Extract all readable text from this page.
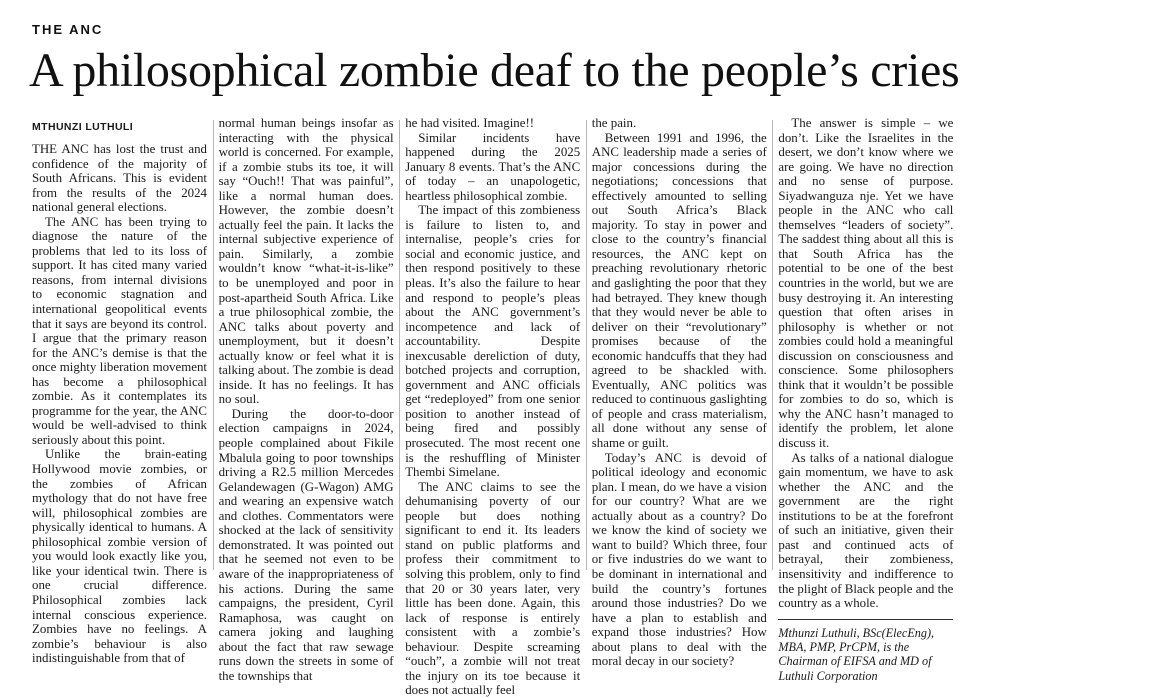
THE ANC
A philosophical zombie deaf to the people’s cries
MTHUNZI LUTHULI

THE ANC has lost the trust and confidence of the majority of South Africans. This is evident from the results of the 2024 national general elections.

The ANC has been trying to diagnose the nature of the problems that led to its loss of support. It has cited many varied reasons, from internal divisions to economic stagnation and international geopolitical events that it says are beyond its control. I argue that the primary reason for the ANC’s demise is that the once mighty liberation movement has become a philosophical zombie. As it contemplates its programme for the year, the ANC would be well-advised to think seriously about this point.

Unlike the brain-eating Hollywood movie zombies, or the zombies of African mythology that do not have free will, philosophical zombies are physically identical to humans. A philosophical zombie version of you would look exactly like you, like your identical twin. There is one crucial difference. Philosophical zombies lack internal conscious experience. Zombies have no feelings. A zombie’s behaviour is also indistinguishable from that of

normal human beings insofar as interacting with the physical world is concerned. For example, if a zombie stubs its toe, it will say “Ouch!! That was painful”, like a normal human does. However, the zombie doesn’t actually feel the pain. It lacks the internal subjective experience of pain. Similarly, a zombie wouldn’t know “what-it-is-like” to be unemployed and poor in post-apartheid South Africa. Like a true philosophical zombie, the ANC talks about poverty and unemployment, but it doesn’t actually know or feel what it is talking about. The zombie is dead inside. It has no feelings. It has no soul.

During the door-to-door election campaigns in 2024, people complained about Fikile Mbalula going to poor townships driving a R2.5 million Mercedes Gelandewagen (G-Wagon) AMG and wearing an expensive watch and clothes. Commentators were shocked at the lack of sensitivity demonstrated. It was pointed out that he seemed not even to be aware of the inappropriateness of his actions. During the same campaigns, the president, Cyril Ramaphosa, was caught on camera joking and laughing about the fact that raw sewage runs down the streets in some of the townships that

he had visited. Imagine!!

Similar incidents have happened during the 2025 January 8 events. That’s the ANC of today – an unapologetic, heartless philosophical zombie.

The impact of this zombieness is failure to listen to, and internalise, people’s cries for social and economic justice, and then respond positively to these pleas. It’s also the failure to hear and respond to people’s pleas about the ANC government’s incompetence and lack of accountability. Despite inexcusable dereliction of duty, botched projects and corruption, government and ANC officials get “redeployed” from one senior position to another instead of being fired and possibly prosecuted. The most recent one is the reshuffling of Minister Thembi Simelane.

The ANC claims to see the dehumanising poverty of our people but does nothing significant to end it. Its leaders stand on public platforms and profess their commitment to solving this problem, only to find that 20 or 30 years later, very little has been done. Again, this lack of response is entirely consistent with a zombie’s behaviour. Despite screaming “ouch”, a zombie will not treat the injury on its toe because it does not actually feel

the pain.

Between 1991 and 1996, the ANC leadership made a series of major concessions during the negotiations; concessions that effectively amounted to selling out South Africa’s Black majority. To stay in power and close to the country’s financial resources, the ANC kept on preaching revolutionary rhetoric and gaslighting the poor that they had betrayed. They knew though that they would never be able to deliver on their “revolutionary” promises because of the economic handcuffs that they had agreed to be shackled with. Eventually, ANC politics was reduced to continuous gaslighting of people and crass materialism, all done without any sense of shame or guilt.

Today’s ANC is devoid of political ideology and economic plan. I mean, do we have a vision for our country? What are we actually about as a country? Do we know the kind of society we want to build? Which three, four or five industries do we want to be dominant in international and build the country’s fortunes around those industries? Do we have a plan to establish and expand those industries? How about plans to deal with the moral decay in our society?

The answer is simple – we don’t. Like the Israelites in the desert, we don’t know where we are going. We have no direction and no sense of purpose. Siyadwanguza nje. Yet we have people in the ANC who call themselves “leaders of society”. The saddest thing about all this is that South Africa has the potential to be one of the best countries in the world, but we are busy destroying it. An interesting question that often arises in philosophy is whether or not zombies could hold a meaningful discussion on consciousness and conscience. Some philosophers think that it wouldn’t be possible for zombies to do so, which is why the ANC hasn’t managed to identify the problem, let alone discuss it.

As talks of a national dialogue gain momentum, we have to ask whether the ANC and the government are the right institutions to be at the forefront of such an initiative, given their past and continued acts of betrayal, their zombieness, insensitivity and indifference to the plight of Black people and the country as a whole.

Mthunzi Luthuli, BSc(ElecEng), MBA, PMP, PrCPM, is the Chairman of EIFSA and MD of Luthuli Corporation
